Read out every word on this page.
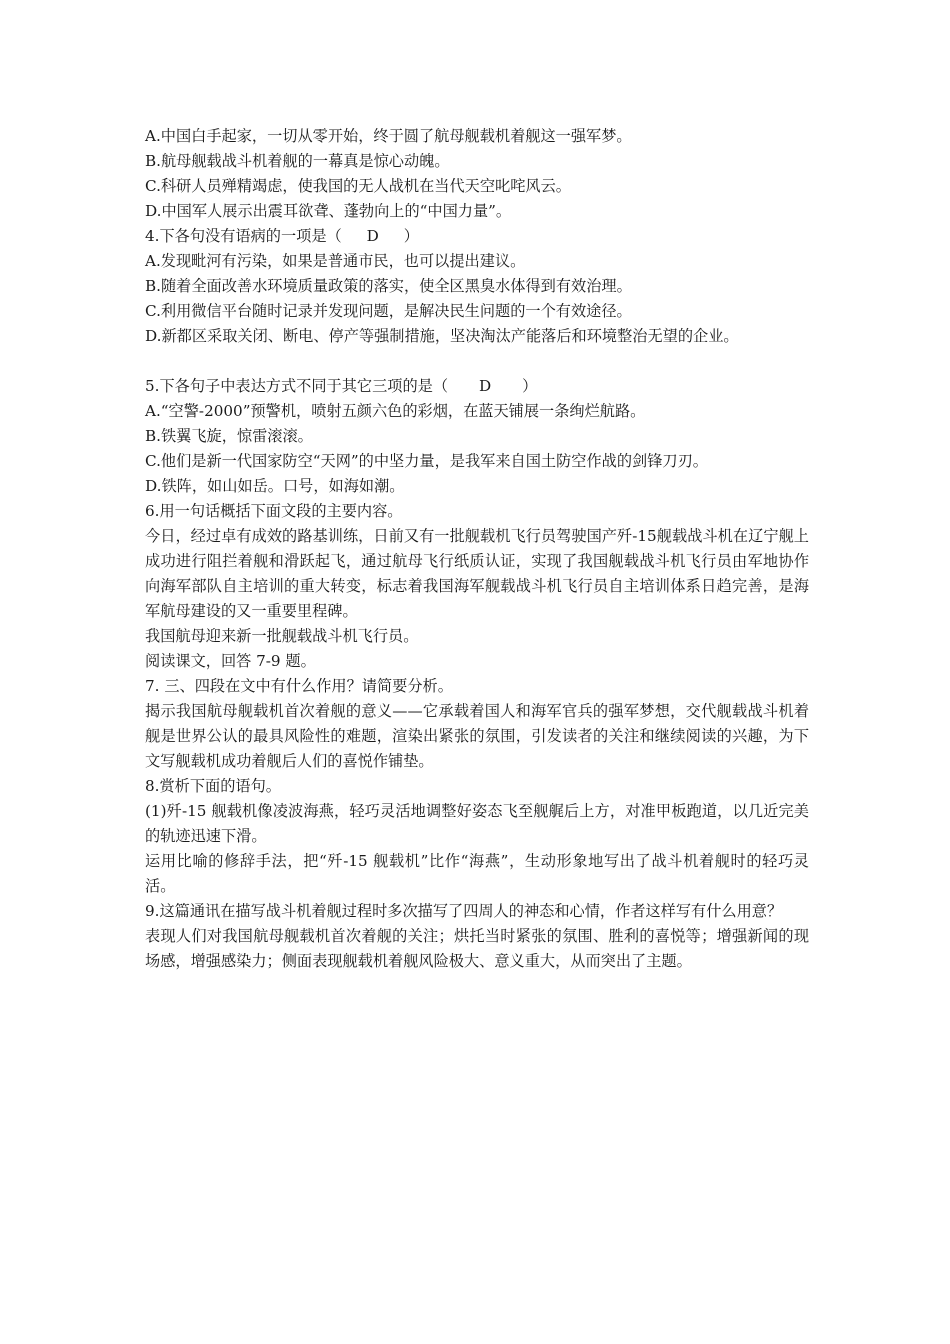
A.中国白手起家，一切从零开始，终于圆了航母舰载机着舰这一强军梦。

B.航母舰载战斗机着舰的一幕真是惊心动魄。

C.科研人员殚精竭虑，使我国的无人战机在当代天空叱咤风云。

D.中国军人展示出震耳欲聋、蓬勃向上的“中国力量”。

4.下各句没有语病的一项是（ D ）

A.发现毗河有污染，如果是普通市民，也可以提出建议。

B.随着全面改善水环境质量政策的落实，使全区黑臭水体得到有效治理。

C.利用微信平台随时记录并发现问题，是解决民生问题的一个有效途径。

D.新都区采取关闭、断电、停产等强制措施，坚决淘汰产能落后和环境整治无望的企业。

5.下各句子中表达方式不同于其它三项的是（ D ）

A.“空警-2000”预警机，喷射五颜六色的彩烟，在蓝天铺展一条绚烂航路。

B.铁翼飞旋，惊雷滚滚。

C.他们是新一代国家防空“天网”的中坚力量，是我军来自国土防空作战的剑锋刀刃。

D.铁阵，如山如岳。口号，如海如潮。

6.用一句话概括下面文段的主要内容。

今日，经过卓有成效的路基训练，日前又有一批舰载机飞行员驾驶国产歼-15舰载战斗机在辽宁舰上成功进行阻拦着舰和滑跃起飞，通过航母飞行纸质认证，实现了我国舰载战斗机飞行员由军地协作向海军部队自主培训的重大转变，标志着我国海军舰载战斗机飞行员自主培训体系日趋完善，是海军航母建设的又一重要里程碑。

我国航母迎来新一批舰载战斗机飞行员。

阅读课文，回答 7-9 题。

7. 三、四段在文中有什么作用？请简要分析。

揭示我国航母舰载机首次着舰的意义——它承载着国人和海军官兵的强军梦想，交代舰载战斗机着舰是世界公认的最具风险性的难题，渲染出紧张的氛围，引发读者的关注和继续阅读的兴趣，为下文写舰载机成功着舰后人们的喜悦作铺垫。

8.赏析下面的语句。

(1)歼-15 舰载机像凌波海燕，轻巧灵活地调整好姿态飞至舰艉后上方，对准甲板跑道，以几近完美的轨迹迅速下滑。

运用比喻的修辞手法，把“歼-15 舰载机”比作“海燕”，生动形象地写出了战斗机着舰时的轻巧灵活。

9.这篇通讯在描写战斗机着舰过程时多次描写了四周人的神态和心情，作者这样写有什么用意？

表现人们对我国航母舰载机首次着舰的关注；烘托当时紧张的氛围、胜利的喜悦等；增强新闻的现场感，增强感染力；侧面表现舰载机着舰风险极大、意义重大，从而突出了主题。
